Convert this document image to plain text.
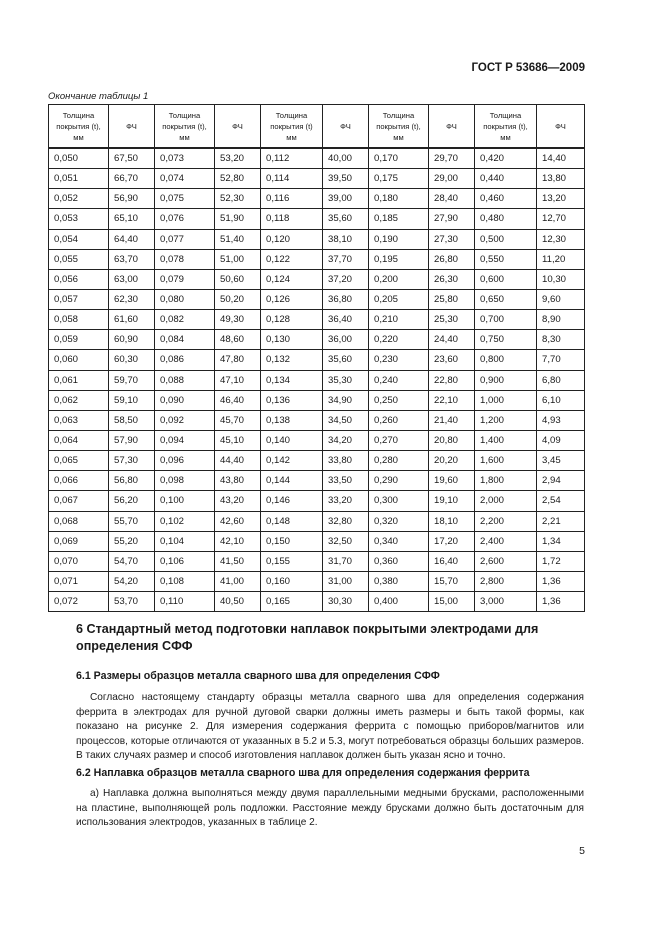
ГОСТ Р 53686—2009
Окончание таблицы 1
Толщина покрытия (t), мм	ФЧ	Толщина покрытия (t), мм	ФЧ	Толщина покрытия (t) мм	ФЧ	Толщина покрытия (t), мм	ФЧ	Толщина покрытия (t), мм	ФЧ
0,050	67,50	0,073	53,20	0,112	40,00	0,170	29,70	0,420	14,40
0,051	66,70	0,074	52,80	0,114	39,50	0,175	29,00	0,440	13,80
0,052	56,90	0,075	52,30	0,116	39,00	0,180	28,40	0,460	13,20
0,053	65,10	0,076	51,90	0,118	35,60	0,185	27,90	0,480	12,70
0,054	64,40	0,077	51,40	0,120	38,10	0,190	27,30	0,500	12,30
0,055	63,70	0,078	51,00	0,122	37,70	0,195	26,80	0,550	11,20
0,056	63,00	0,079	50,60	0,124	37,20	0,200	26,30	0,600	10,30
0,057	62,30	0,080	50,20	0,126	36,80	0,205	25,80	0,650	9,60
0,058	61,60	0,082	49,30	0,128	36,40	0,210	25,30	0,700	8,90
0,059	60,90	0,084	48,60	0,130	36,00	0,220	24,40	0,750	8,30
0,060	60,30	0,086	47,80	0,132	35,60	0,230	23,60	0,800	7,70
0,061	59,70	0,088	47,10	0,134	35,30	0,240	22,80	0,900	6,80
0,062	59,10	0,090	46,40	0,136	34,90	0,250	22,10	1,000	6,10
0,063	58,50	0,092	45,70	0,138	34,50	0,260	21,40	1,200	4,93
0,064	57,90	0,094	45,10	0,140	34,20	0,270	20,80	1,400	4,09
0,065	57,30	0,096	44,40	0,142	33,80	0,280	20,20	1,600	3,45
0,066	56,80	0,098	43,80	0,144	33,50	0,290	19,60	1,800	2,94
0,067	56,20	0,100	43,20	0,146	33,20	0,300	19,10	2,000	2,54
0,068	55,70	0,102	42,60	0,148	32,80	0,320	18,10	2,200	2,21
0,069	55,20	0,104	42,10	0,150	32,50	0,340	17,20	2,400	1,34
0,070	54,70	0,106	41,50	0,155	31,70	0,360	16,40	2,600	1,72
0,071	54,20	0,108	41,00	0,160	31,00	0,380	15,70	2,800	1,36
0,072	53,70	0,110	40,50	0,165	30,30	0,400	15,00	3,000	1,36
6 Стандартный метод подготовки наплавок покрытыми электродами для определения СФФ
6.1 Размеры образцов металла сварного шва для определения СФФ

Согласно настоящему стандарту образцы металла сварного шва для определения содержания феррита в электродах для ручной дуговой сварки должны иметь размеры и быть такой формы, как показано на рисунке 2. Для измерения содержания феррита с помощью приборов/магнитов или процессов, которые отличаются от указанных в 5.2 и 5.3, могут потребоваться образцы больших размеров. В таких случаях размер и способ изготовления наплавок должен быть указан ясно и точно.

6.2 Наплавка образцов металла сварного шва для определения содержания феррита

а) Наплавка должна выполняться между двумя параллельными медными брусками, расположенными на пластине, выполняющей роль подложки. Расстояние между брусками должно быть достаточным для использования электродов, указанных в таблице 2.

5
